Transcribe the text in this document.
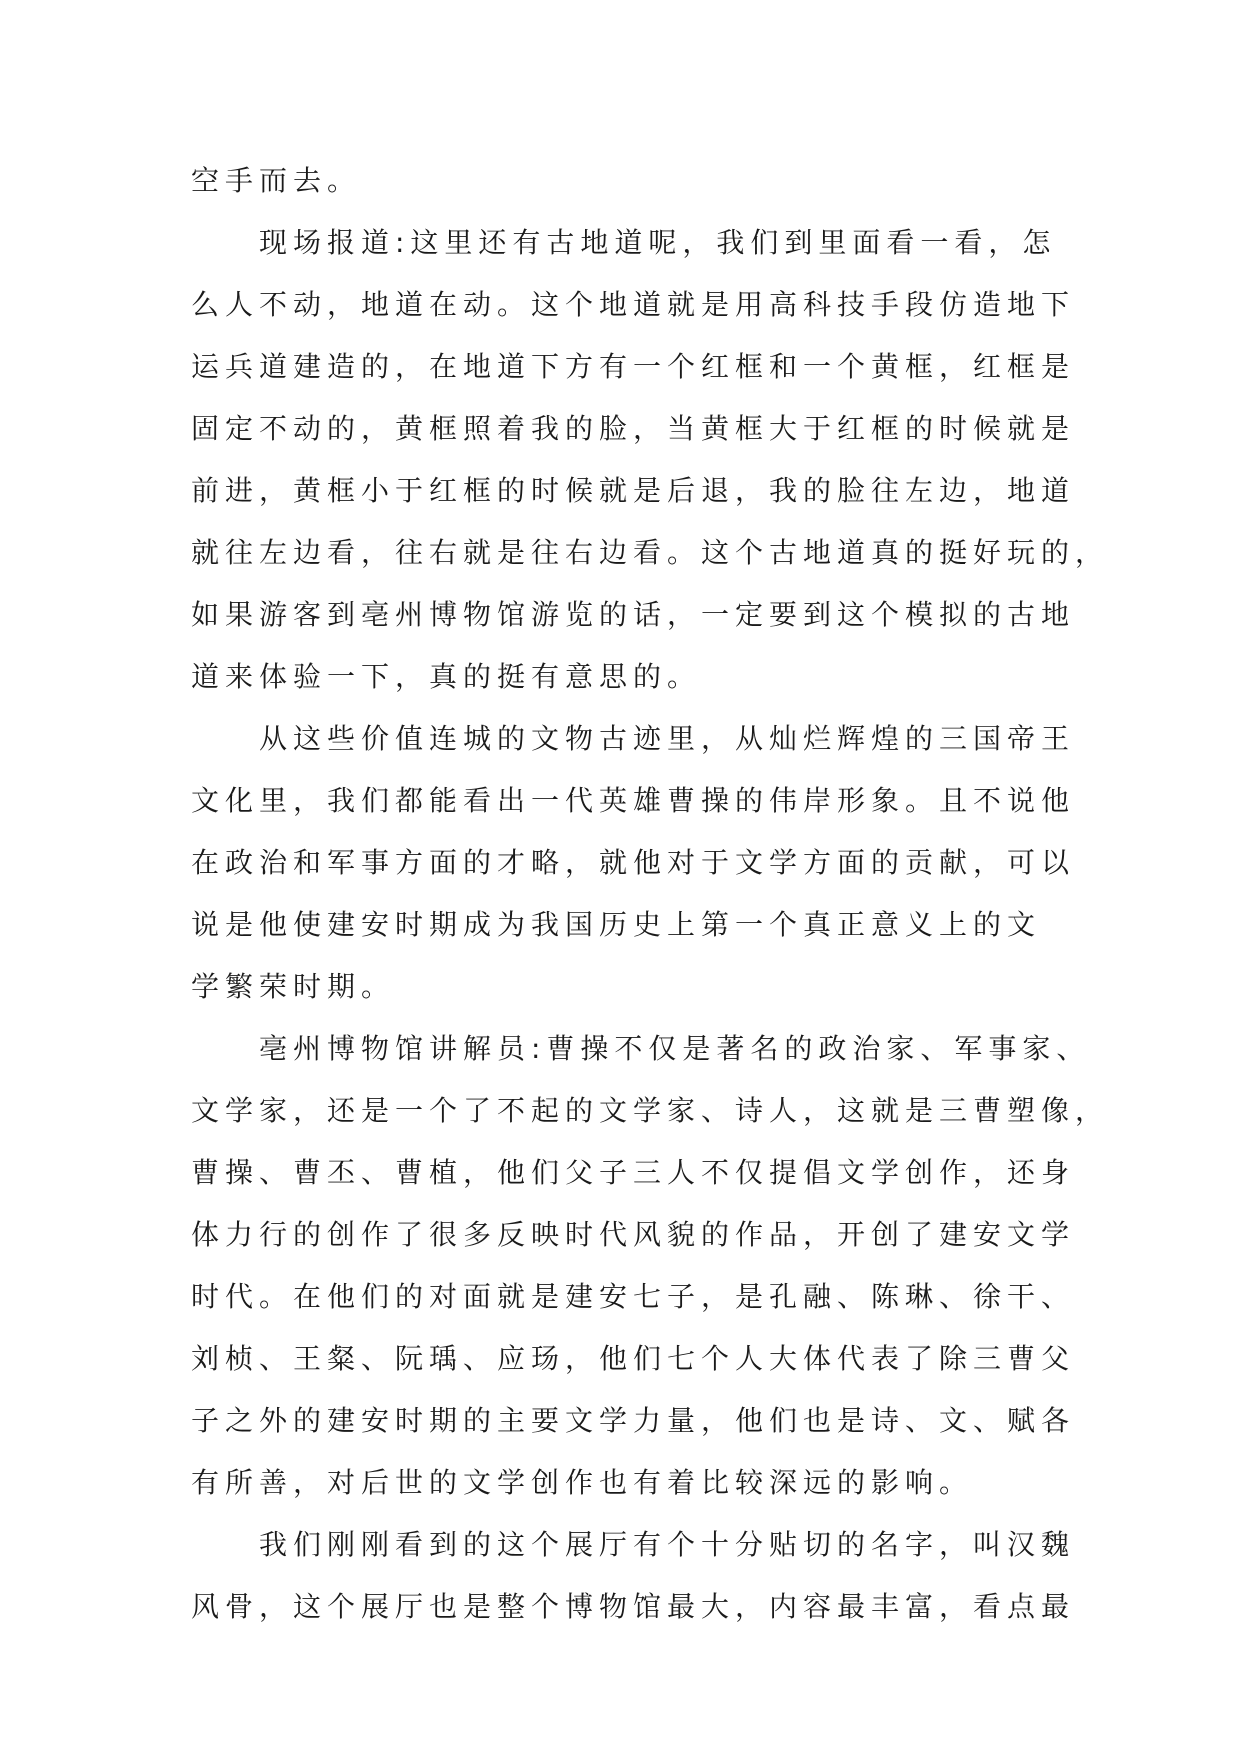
空手而去。
现场报道:这里还有古地道呢，我们到里面看一看，怎
么人不动，地道在动。这个地道就是用高科技手段仿造地下
运兵道建造的，在地道下方有一个红框和一个黄框，红框是
固定不动的，黄框照着我的脸，当黄框大于红框的时候就是
前进，黄框小于红框的时候就是后退，我的脸往左边，地道
就往左边看，往右就是往右边看。这个古地道真的挺好玩的，
如果游客到亳州博物馆游览的话，一定要到这个模拟的古地
道来体验一下，真的挺有意思的。
从这些价值连城的文物古迹里，从灿烂辉煌的三国帝王
文化里，我们都能看出一代英雄曹操的伟岸形象。且不说他
在政治和军事方面的才略，就他对于文学方面的贡献，可以
说是他使建安时期成为我国历史上第一个真正意义上的文
学繁荣时期。
亳州博物馆讲解员:曹操不仅是著名的政治家、军事家、
文学家，还是一个了不起的文学家、诗人，这就是三曹塑像，
曹操、曹丕、曹植，他们父子三人不仅提倡文学创作，还身
体力行的创作了很多反映时代风貌的作品，开创了建安文学
时代。在他们的对面就是建安七子，是孔融、陈琳、徐干、
刘桢、王粲、阮瑀、应玚，他们七个人大体代表了除三曹父
子之外的建安时期的主要文学力量，他们也是诗、文、赋各
有所善，对后世的文学创作也有着比较深远的影响。
我们刚刚看到的这个展厅有个十分贴切的名字，叫汉魏
风骨，这个展厅也是整个博物馆最大，内容最丰富，看点最
